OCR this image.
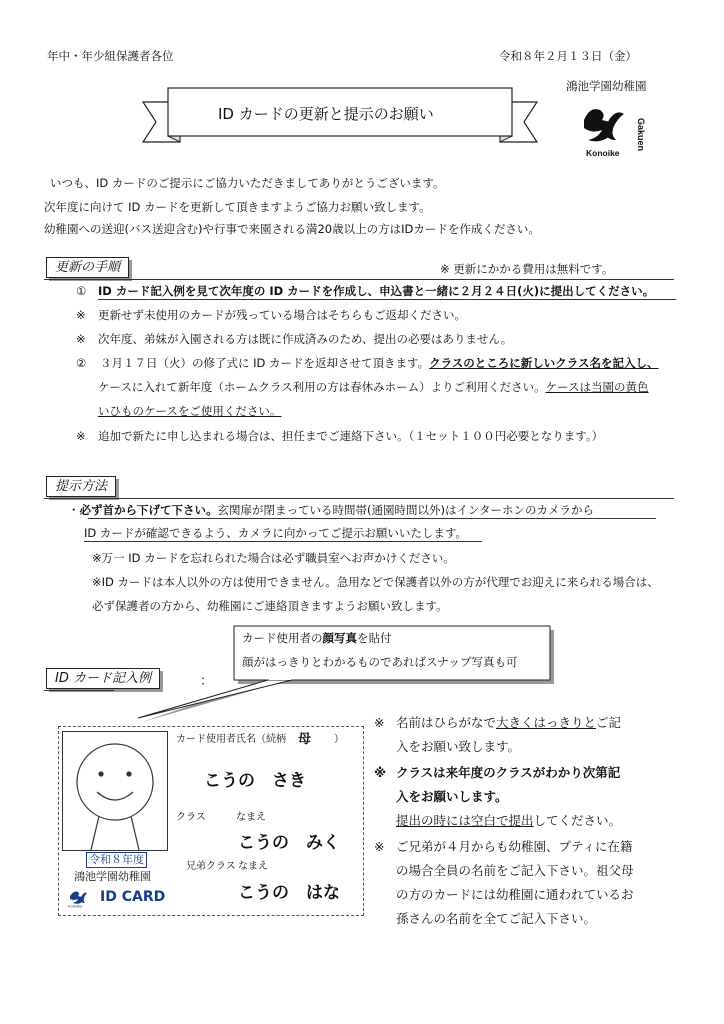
年中・年少組保護者各位	令和８年２月１３日（金）
鴻池学園幼稚園
Gakuen
Konoike
ID カードの更新と提示のお願い
いつも、ID カードのご提示にご協力いただきましてありがとうございます。
次年度に向けて ID カードを更新して頂きますようご協力お願い致します。
幼稚園への送迎(バス送迎含む)や行事で来園される満20歳以上の方はIDカードを作成ください。
更新の手順	※ 更新にかかる費用は無料です。
① ID カード記入例を見て次年度の ID カードを作成し、申込書と一緒に２月２４日(火)に提出してください。
※ 更新せず未使用のカードが残っている場合はそちらもご返却ください。
※ 次年度、弟妹が入園される方は既に作成済みのため、提出の必要はありません。
② ３月１７日（火）の修了式に ID カードを返却させて頂きます。クラスのところに新しいクラス名を記入し、
ケースに入れて新年度（ホームクラス利用の方は春休みホーム）よりご利用ください。ケースは当園の黄色
いひものケースをご使用ください。
※ 追加で新たに申し込まれる場合は、担任までご連絡下さい。（１セット１００円必要となります。）
提示方法
・必ず首から下げて下さい。玄関扉が閉まっている時間帯(通園時間以外)はインターホンのカメラから
ID カードが確認できるよう、カメラに向かってご提示お願いいたします。
※万一 ID カードを忘れられた場合は必ず職員室へお声かけください。
※ID カードは本人以外の方は使用できません。急用などで保護者以外の方が代理でお迎えに来られる場合は、
必ず保護者の方から、幼稚園にご連絡頂きますようお願い致します。
カード使用者の顔写真を貼付
顔がはっきりとわかるものであればスナップ写真も可
ID カード記入例	：
令和８年度
鴻池学園幼稚園
Konoike
ID CARD
カード使用者氏名（続柄 母 ）
こうの　さき
クラス	なまえ
こうの　みく
兄弟クラス なまえ
こうの　はな
※ 名前はひらがなで大きくはっきりとご記
入をお願い致します。
※ クラスは来年度のクラスがわかり次第記
入をお願いします。
提出の時には空白で提出してください。
※ ご兄弟が４月からも幼稚園、プティに在籍
の場合全員の名前をご記入下さい。祖父母
の方のカードには幼稚園に通われているお
孫さんの名前を全てご記入下さい。
